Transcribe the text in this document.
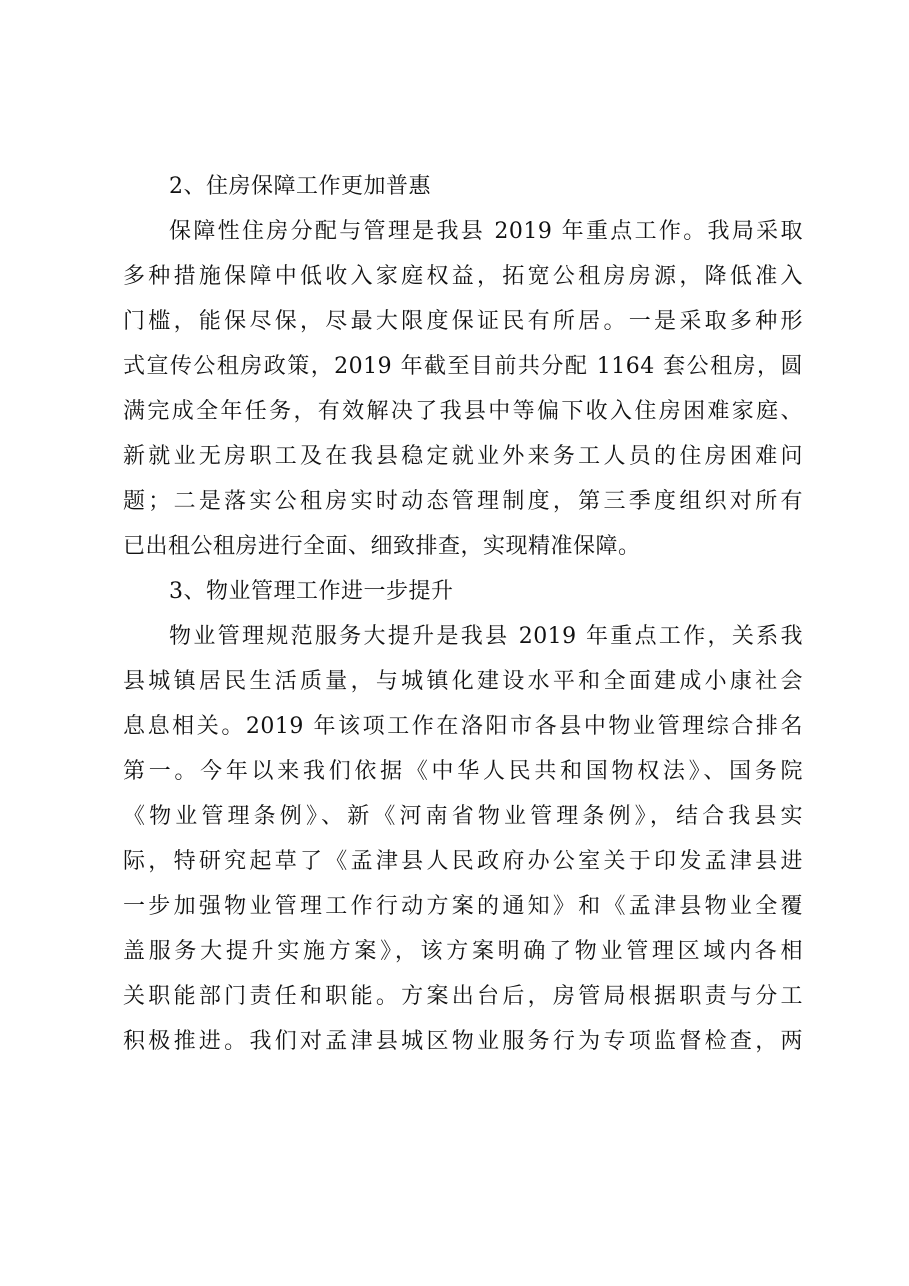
2、住房保障工作更加普惠
保障性住房分配与管理是我县 2019 年重点工作。我局采取
多种措施保障中低收入家庭权益，拓宽公租房房源，降低准入
门槛，能保尽保，尽最大限度保证民有所居。一是采取多种形
式宣传公租房政策，2019 年截至目前共分配 1164 套公租房，圆
满完成全年任务，有效解决了我县中等偏下收入住房困难家庭、
新就业无房职工及在我县稳定就业外来务工人员的住房困难问
题；二是落实公租房实时动态管理制度，第三季度组织对所有
已出租公租房进行全面、细致排查，实现精准保障。
3、物业管理工作进一步提升
物业管理规范服务大提升是我县 2019 年重点工作，关系我
县城镇居民生活质量，与城镇化建设水平和全面建成小康社会
息息相关。2019 年该项工作在洛阳市各县中物业管理综合排名
第一。今年以来我们依据《中华人民共和国物权法》、国务院
《物业管理条例》、新《河南省物业管理条例》，结合我县实
际，特研究起草了《孟津县人民政府办公室关于印发孟津县进
一步加强物业管理工作行动方案的通知》和《孟津县物业全覆
盖服务大提升实施方案》，该方案明确了物业管理区域内各相
关职能部门责任和职能。方案出台后，房管局根据职责与分工
积极推进。我们对孟津县城区物业服务行为专项监督检查，两
